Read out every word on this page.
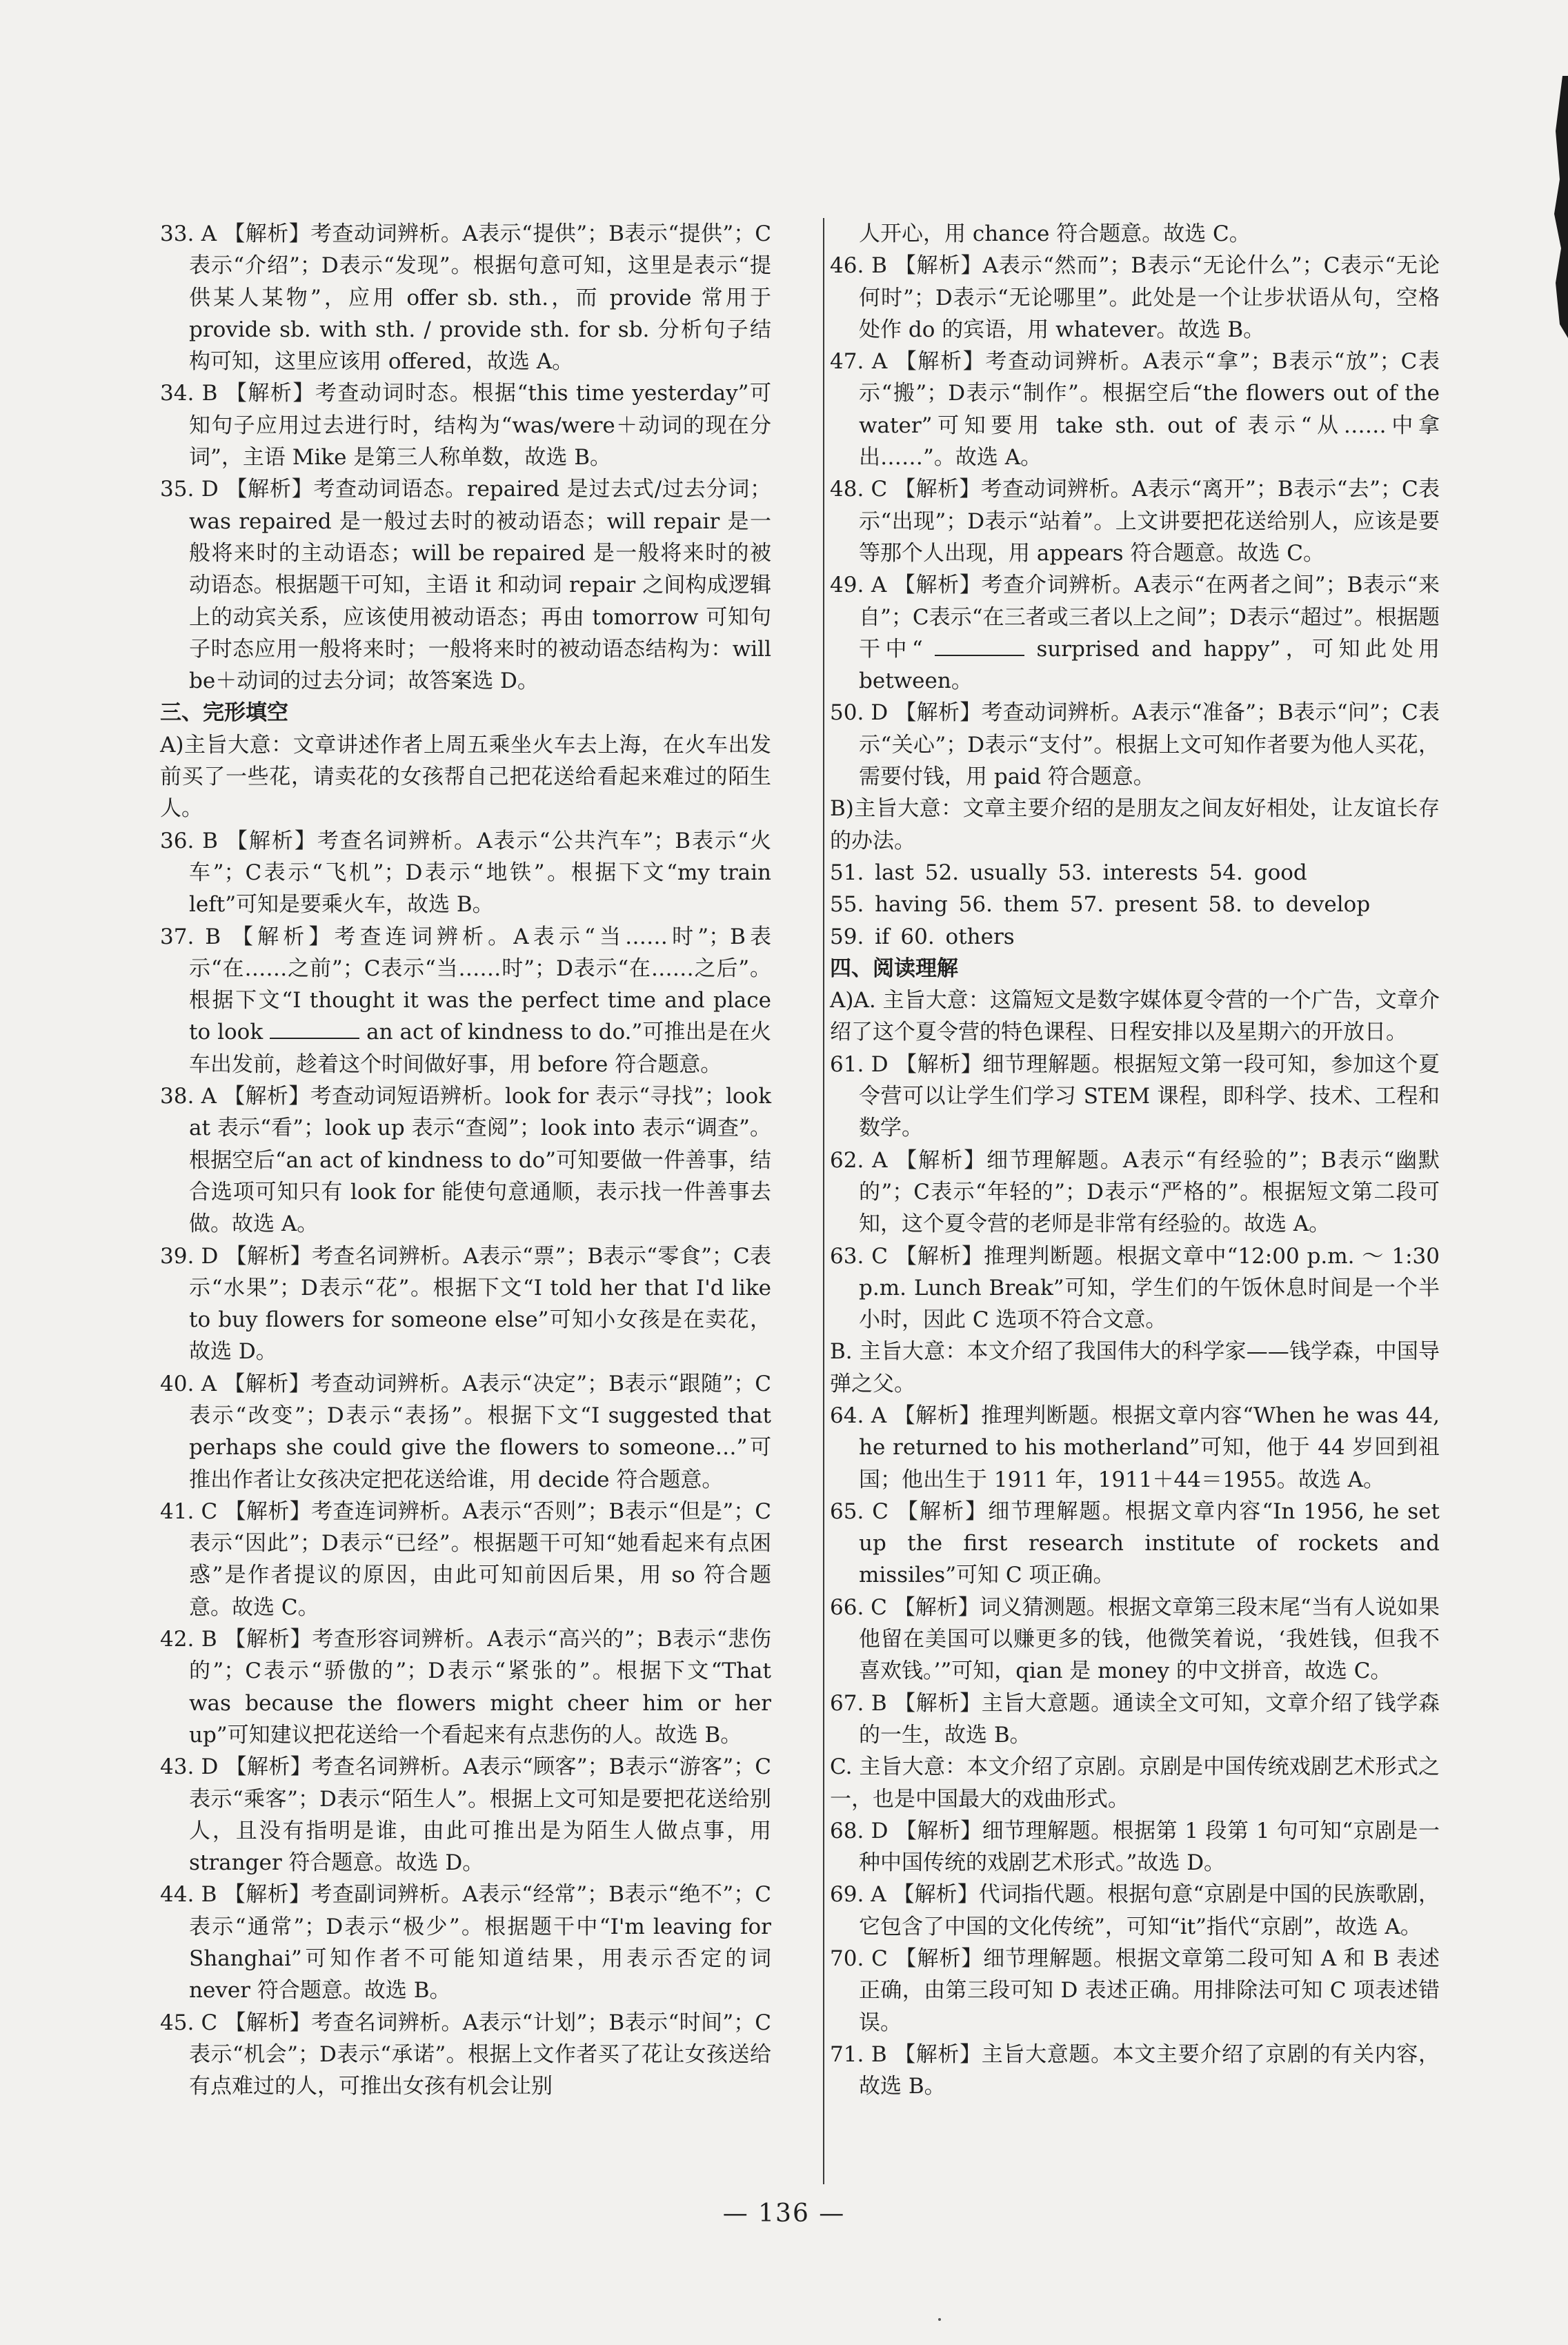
33. A 【解析】考查动词辨析。A表示“提供”；B表示“提供”；C表示“介绍”；D表示“发现”。根据句意可知，这里是表示“提供某人某物”，应用 offer sb. sth.，而 provide 常用于 provide sb. with sth. / provide sth. for sb. 分析句子结构可知，这里应该用 offered，故选 A。

34. B 【解析】考查动词时态。根据“this time yesterday”可知句子应用过去进行时，结构为“was/were＋动词的现在分词”，主语 Mike 是第三人称单数，故选 B。

35. D 【解析】考查动词语态。repaired 是过去式/过去分词；was repaired 是一般过去时的被动语态；will repair 是一般将来时的主动语态；will be repaired 是一般将来时的被动语态。根据题干可知，主语 it 和动词 repair 之间构成逻辑上的动宾关系，应该使用被动语态；再由 tomorrow 可知句子时态应用一般将来时；一般将来时的被动语态结构为：will be＋动词的过去分词；故答案选 D。

三、完形填空

A)主旨大意：文章讲述作者上周五乘坐火车去上海，在火车出发前买了一些花，请卖花的女孩帮自己把花送给看起来难过的陌生人。

36. B 【解析】考查名词辨析。A表示“公共汽车”；B表示“火车”；C表示“飞机”；D表示“地铁”。根据下文“my train left”可知是要乘火车，故选 B。

37. B 【解析】考查连词辨析。A表示“当……时”；B表示“在……之前”；C表示“当……时”；D表示“在……之后”。根据下文“I thought it was the perfect time and place to look	an act of kindness to do.”可推出是在火车出发前，趁着这个时间做好事，用 before 符合题意。

38. A 【解析】考查动词短语辨析。look for 表示“寻找”；look at 表示“看”；look up 表示“查阅”；look into 表示“调查”。根据空后“an act of kindness to do”可知要做一件善事，结合选项可知只有 look for 能使句意通顺，表示找一件善事去做。故选 A。

39. D 【解析】考查名词辨析。A表示“票”；B表示“零食”；C表示“水果”；D表示“花”。根据下文“I told her that I'd like to buy flowers for someone else”可知小女孩是在卖花，故选 D。

40. A 【解析】考查动词辨析。A表示“决定”；B表示“跟随”；C表示“改变”；D表示“表扬”。根据下文“I suggested that perhaps she could give the flowers to someone…”可推出作者让女孩决定把花送给谁，用 decide 符合题意。

41. C 【解析】考查连词辨析。A表示“否则”；B表示“但是”；C表示“因此”；D表示“已经”。根据题干可知“她看起来有点困惑”是作者提议的原因，由此可知前因后果，用 so 符合题意。故选 C。

42. B 【解析】考查形容词辨析。A表示“高兴的”；B表示“悲伤的”；C表示“骄傲的”；D表示“紧张的”。根据下文“That was because the flowers might cheer him or her up”可知建议把花送给一个看起来有点悲伤的人。故选 B。

43. D 【解析】考查名词辨析。A表示“顾客”；B表示“游客”；C表示“乘客”；D表示“陌生人”。根据上文可知是要把花送给别人，且没有指明是谁，由此可推出是为陌生人做点事，用 stranger 符合题意。故选 D。

44. B 【解析】考查副词辨析。A表示“经常”；B表示“绝不”；C表示“通常”；D表示“极少”。根据题干中“I'm leaving for Shanghai”可知作者不可能知道结果，用表示否定的词 never 符合题意。故选 B。

45. C 【解析】考查名词辨析。A表示“计划”；B表示“时间”；C表示“机会”；D表示“承诺”。根据上文作者买了花让女孩送给有点难过的人，可推出女孩有机会让别

人开心，用 chance 符合题意。故选 C。

46. B 【解析】A表示“然而”；B表示“无论什么”；C表示“无论何时”；D表示“无论哪里”。此处是一个让步状语从句，空格处作 do 的宾语，用 whatever。故选 B。

47. A 【解析】考查动词辨析。A表示“拿”；B表示“放”；C表示“搬”；D表示“制作”。根据空后“the flowers out of the water”可知要用 take sth. out of 表示“从……中拿出……”。故选 A。

48. C 【解析】考查动词辨析。A表示“离开”；B表示“去”；C表示“出现”；D表示“站着”。上文讲要把花送给别人，应该是要等那个人出现，用 appears 符合题意。故选 C。

49. A 【解析】考查介词辨析。A表示“在两者之间”；B表示“来自”；C表示“在三者或三者以上之间”；D表示“超过”。根据题干中“	surprised and happy”，可知此处用 between。

50. D 【解析】考查动词辨析。A表示“准备”；B表示“问”；C表示“关心”；D表示“支付”。根据上文可知作者要为他人买花，需要付钱，用 paid 符合题意。

B)主旨大意：文章主要介绍的是朋友之间友好相处，让友谊长存的办法。

51. last 52. usually 53. interests 54. good

55. having 56. them 57. present 58. to develop

59. if 60. others

四、阅读理解

A)A. 主旨大意：这篇短文是数字媒体夏令营的一个广告，文章介绍了这个夏令营的特色课程、日程安排以及星期六的开放日。

61. D 【解析】细节理解题。根据短文第一段可知，参加这个夏令营可以让学生们学习 STEM 课程，即科学、技术、工程和数学。

62. A 【解析】细节理解题。A表示“有经验的”；B表示“幽默的”；C表示“年轻的”；D表示“严格的”。根据短文第二段可知，这个夏令营的老师是非常有经验的。故选 A。

63. C 【解析】推理判断题。根据文章中“12:00 p.m. ～ 1:30 p.m. Lunch Break”可知，学生们的午饭休息时间是一个半小时，因此 C 选项不符合文意。

B. 主旨大意：本文介绍了我国伟大的科学家——钱学森，中国导弹之父。

64. A 【解析】推理判断题。根据文章内容“When he was 44, he returned to his motherland”可知，他于 44 岁回到祖国；他出生于 1911 年，1911＋44＝1955。故选 A。

65. C 【解析】细节理解题。根据文章内容“In 1956, he set up the first research institute of rockets and missiles”可知 C 项正确。

66. C 【解析】词义猜测题。根据文章第三段末尾“当有人说如果他留在美国可以赚更多的钱，他微笑着说，‘我姓钱，但我不喜欢钱。’”可知，qian 是 money 的中文拼音，故选 C。

67. B 【解析】主旨大意题。通读全文可知，文章介绍了钱学森的一生，故选 B。

C. 主旨大意：本文介绍了京剧。京剧是中国传统戏剧艺术形式之一，也是中国最大的戏曲形式。

68. D 【解析】细节理解题。根据第 1 段第 1 句可知“京剧是一种中国传统的戏剧艺术形式。”故选 D。

69. A 【解析】代词指代题。根据句意“京剧是中国的民族歌剧，它包含了中国的文化传统”，可知“it”指代“京剧”，故选 A。

70. C 【解析】细节理解题。根据文章第二段可知 A 和 B 表述正确，由第三段可知 D 表述正确。用排除法可知 C 项表述错误。

71. B 【解析】主旨大意题。本文主要介绍了京剧的有关内容，故选 B。

— 136 —
